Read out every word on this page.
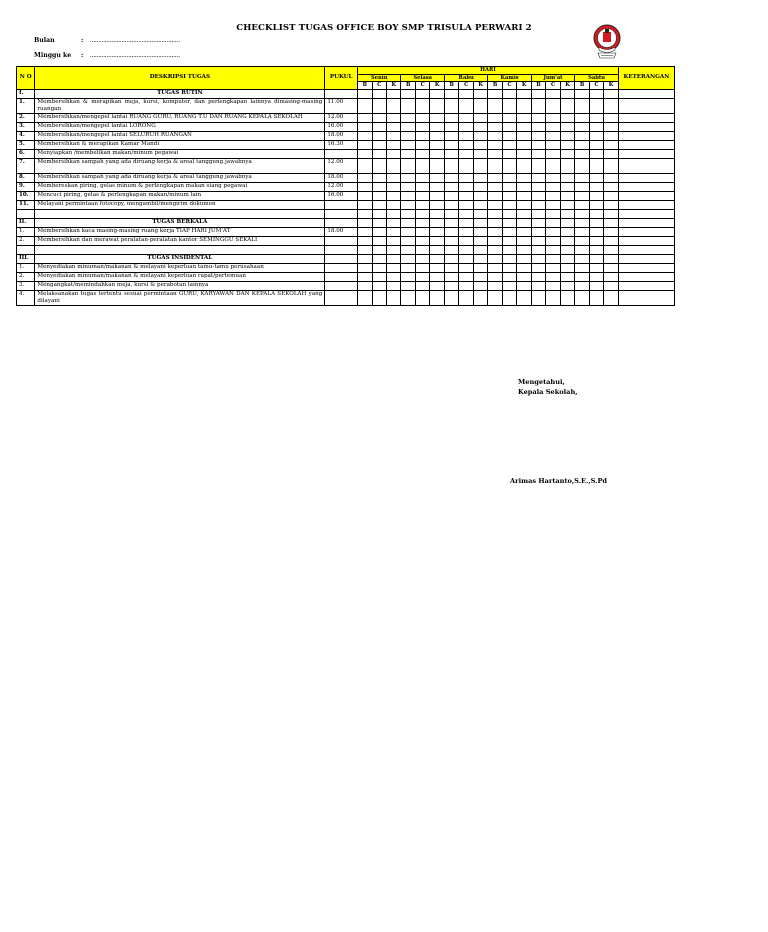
CHECKLIST TUGAS OFFICE BOY SMP TRISULA PERWARI 2
Bulan	: ......................................................
Minggu ke : ......................................................
N O	DESKRIPSI TUGAS	PUKUL	HARI																		KETERANGAN
			Senin			Selasa			Rabu			Kamis			Jum'at			Sabtu			
			B	C	K	B	C	K	B	C	K	B	C	K	B	C	K	B	C	K	
I.	TUGAS RUTIN																				
1.	Membersihkan & merapikan meja, kursi, komputer, dan perlengkapan lainnya dimasing-masing ruangan	11.00																			
2.	Membersihkan/mengepel lantai RUANG GURU, RUANG T.U DAN RUANG KEPALA SEKOLAH	12.00																			
3.	Membersihkan/mengepel lantai LORONG	16.00																			
4.	Membersihkan/mengepel lantai SELURUH RUANGAN	18.00																			
5.	Membersihkan & merapikan Kamar Mandi	16.30																			
6.	Menyiapkan /membelikan makan/minum pegawai																				
7.	Membersihkan sampah yang ada diruang kerja & areal tanggung jawabnya	12.00																			
8.	Membersihkan sampah yang ada diruang kerja & areal tanggung jawabnya	18.00																			
9.	Membereskan piring, gelas minum & perlengkapan makan siang pegawai	12.00																			
10.	Mencuci piring, gelas & perlengkapan makan/minum lain	16.00																			
11.	Melayani permintaan fotocopy, mengambil/mengirim dokumen																				

II.	TUGAS BERKALA																				
1.	Membersihkan kaca masing-masing ruang kerja TIAP HARI JUM'AT	18.00																			
2.	Membersihkan dan merawat peralatan-peralatan kantor SEMINGGU SEKALI																				

III.	TUGAS INSIDENTAL																				
1.	Menyediakan minuman/makanan & melayani keperluan tamu-tamu perusahaan																				
2.	Menyediakan minuman/makanan & melayani keperluan rapat/pertemuan																				
3.	Mengangkat/memindahkan meja, kursi & perabotan lainnya																				
4.	Melaksanakan tugas tertentu sesuai permintaan GURU, KARYAWAN DAN KEPALA SEKOLAH yang dilayani																				
Mengetahui,
Kepala Sekolah,
Arimas Hartanto,S.E.,S.Pd
